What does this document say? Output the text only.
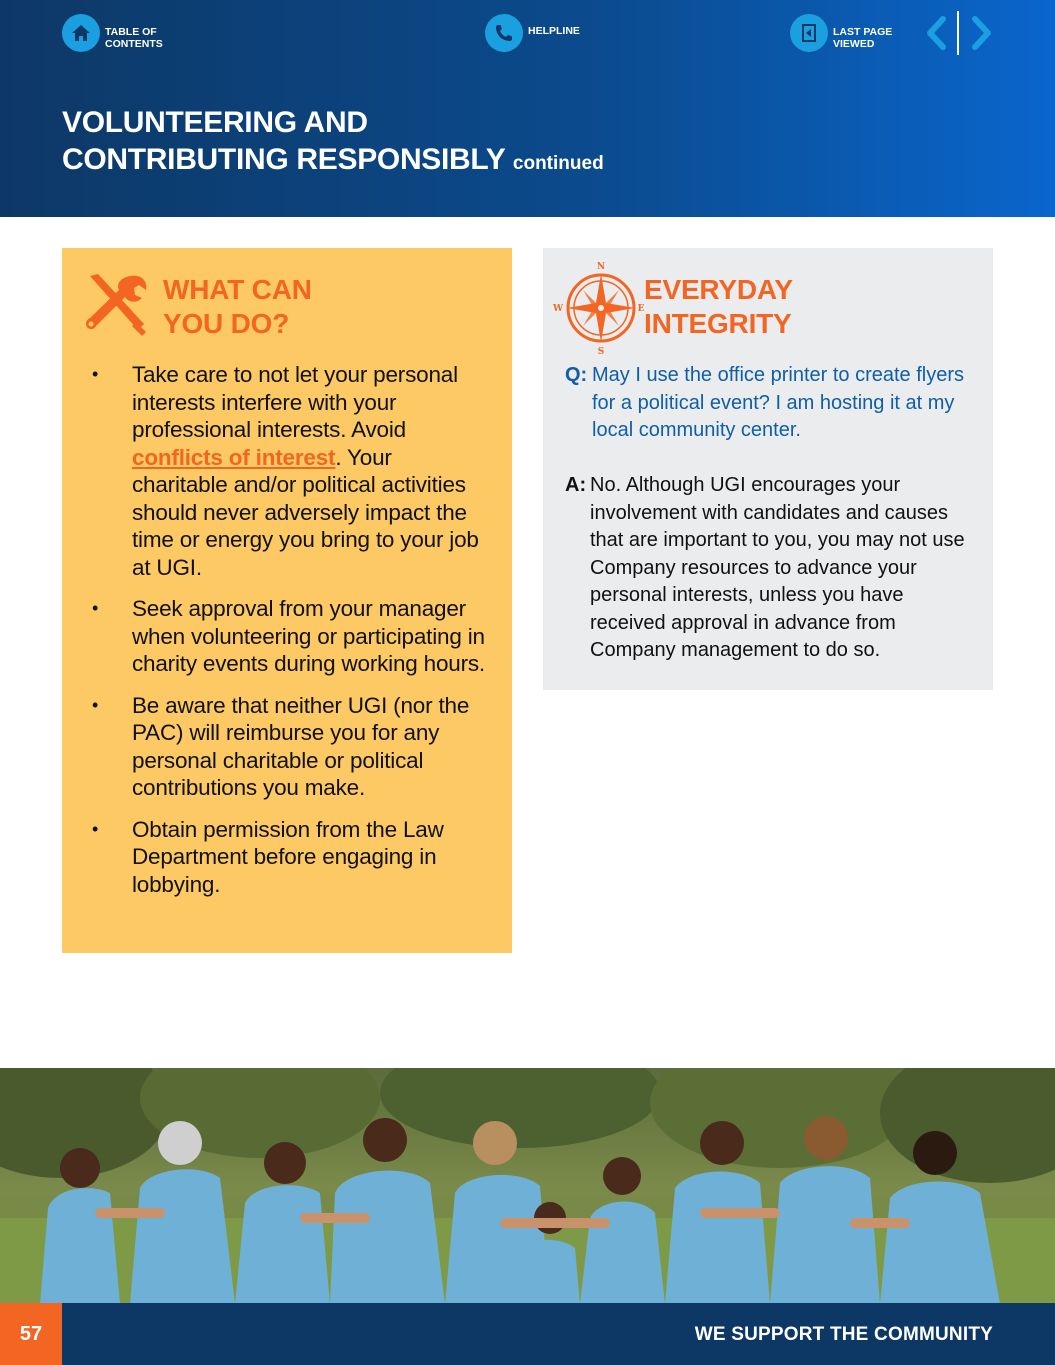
TABLE OF CONTENTS
HELPLINE	LAST PAGE VIEWED
VOLUNTEERING AND
CONTRIBUTING RESPONSIBLY continued
WHAT CAN
YOU DO?
• Take care to not let your personal interests interfere with your professional interests. Avoid conflicts of interest. Your charitable and/or political activities should never adversely impact the time or energy you bring to your job at UGI.
• Seek approval from your manager when volunteering or participating in charity events during working hours.
• Be aware that neither UGI (nor the PAC) will reimburse you for any personal charitable or political contributions you make.
• Obtain permission from the Law Department before engaging in lobbying.
N
S
E
W
EVERYDAY
INTEGRITY
Q: May I use the office printer to create flyers for a political event? I am hosting it at my local community center.
A: No. Although UGI encourages your involvement with candidates and causes that are important to you, you may not use Company resources to advance your personal interests, unless you have received approval in advance from Company management to do so.
57	WE SUPPORT THE COMMUNITY
